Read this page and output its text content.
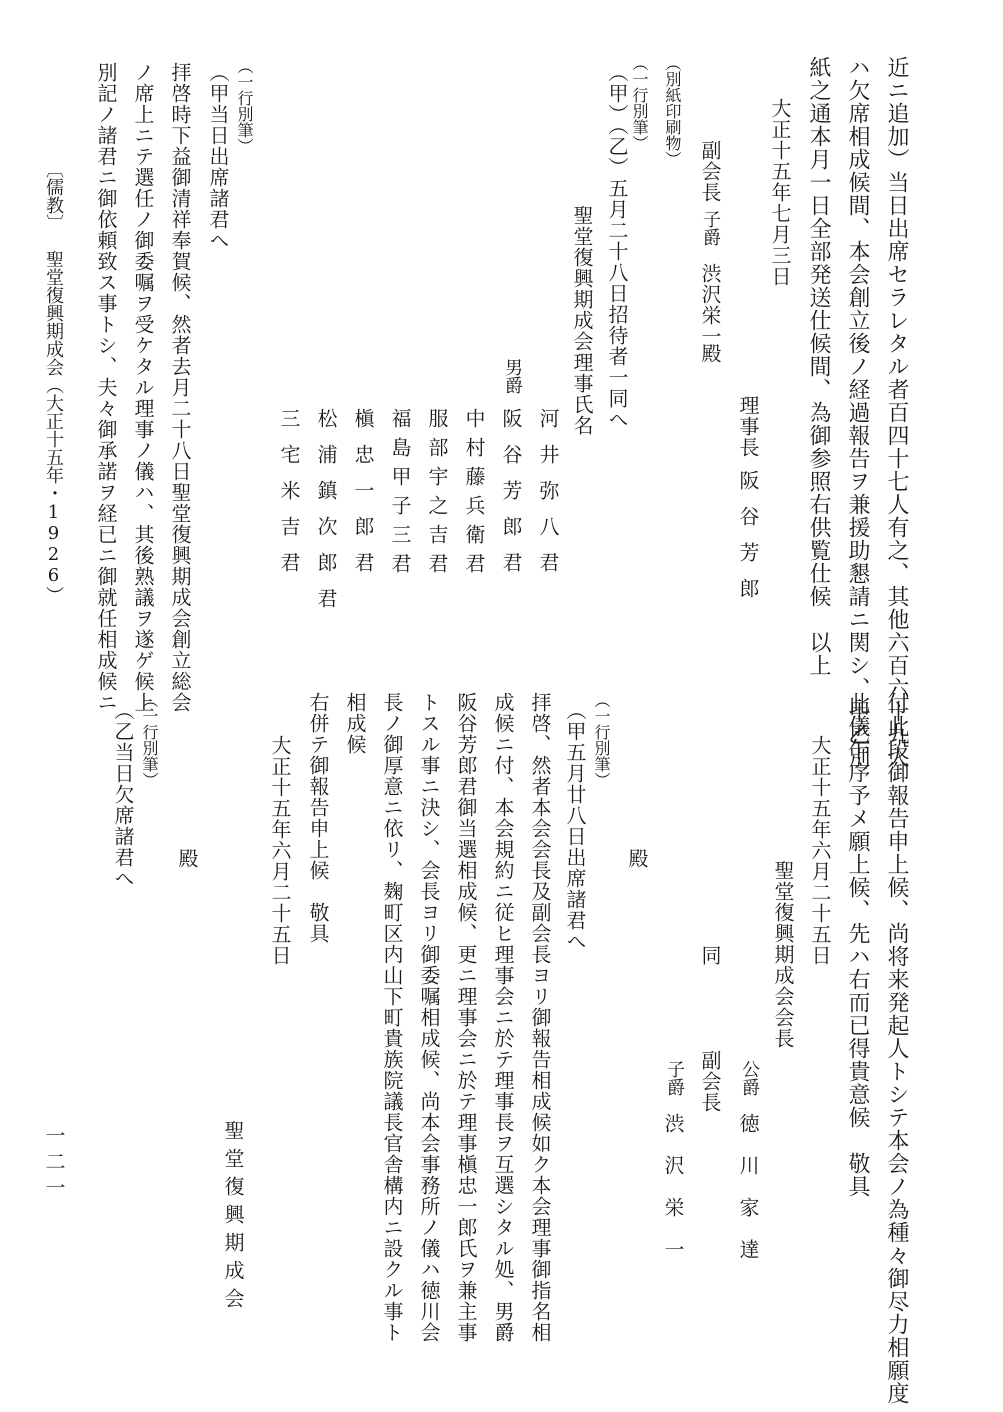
近ニ追加）当日出席セラレタル者百四十七人有之、其他六百六十九人
ハ欠席相成候間、本会創立後ノ経過報告ヲ兼援助懇請ニ関シ、甲乙別
紙之通本月一日全部発送仕候間、為御参照右供覧仕候　以上
大正十五年七月三日
理事長
阪谷芳郎
副会長
子爵
渋沢栄一
殿
（別紙印刷物）
（一行別筆）
（甲）（乙）五月二十八日招待者一同へ
聖堂復興期成会理事氏名
河井弥八君
男爵
阪谷芳郎君
中村藤兵衛君
服部宇之吉君
福島甲子三君
槇忠一郎君
松浦鎮次郎君
三宅米吉君
（一行別筆）
（甲当日出席諸君へ
拝啓時下益御清祥奉賀候、然者去月二十八日聖堂復興期成会創立総会
ノ席上ニテ選任ノ御委嘱ヲ受ケタル理事ノ儀ハ、其後熟議ヲ遂ゲ候上
別記ノ諸君ニ御依頼致ス事トシ、夫々御承諾ヲ経已ニ御就任相成候ニ
〔儒教〕
聖堂復興期成会（大正十五年・1926）
一二一	付此段御報告申上候、尚将来発起人トシテ本会ノ為種々御尽力相願度
此儀乍序予メ願上候、先ハ右而已得貴意候　敬具
大正十五年六月二十五日
聖堂復興期成会会長
公爵
徳川家達
同
副会長
子爵
渋沢栄一
殿
（一行別筆）
（甲五月廿八日出席諸君へ
拝啓、然者本会会長及副会長ヨリ御報告相成候如ク本会理事御指名相
成候ニ付、本会規約ニ従ヒ理事会ニ於テ理事長ヲ互選シタル処、男爵
阪谷芳郎君御当選相成候、更ニ理事会ニ於テ理事槇忠一郎氏ヲ兼主事
トスル事ニ決シ、会長ヨリ御委嘱相成候、尚本会事務所ノ儀ハ徳川会
長ノ御厚意ニ依リ、麹町区内山下町貴族院議長官舎構内ニ設クル事ト
相成候
右併テ御報告申上候　敬具
大正十五年六月二十五日
聖堂復興期成会
殿
（一行別筆）
（乙当日欠席諸君へ
